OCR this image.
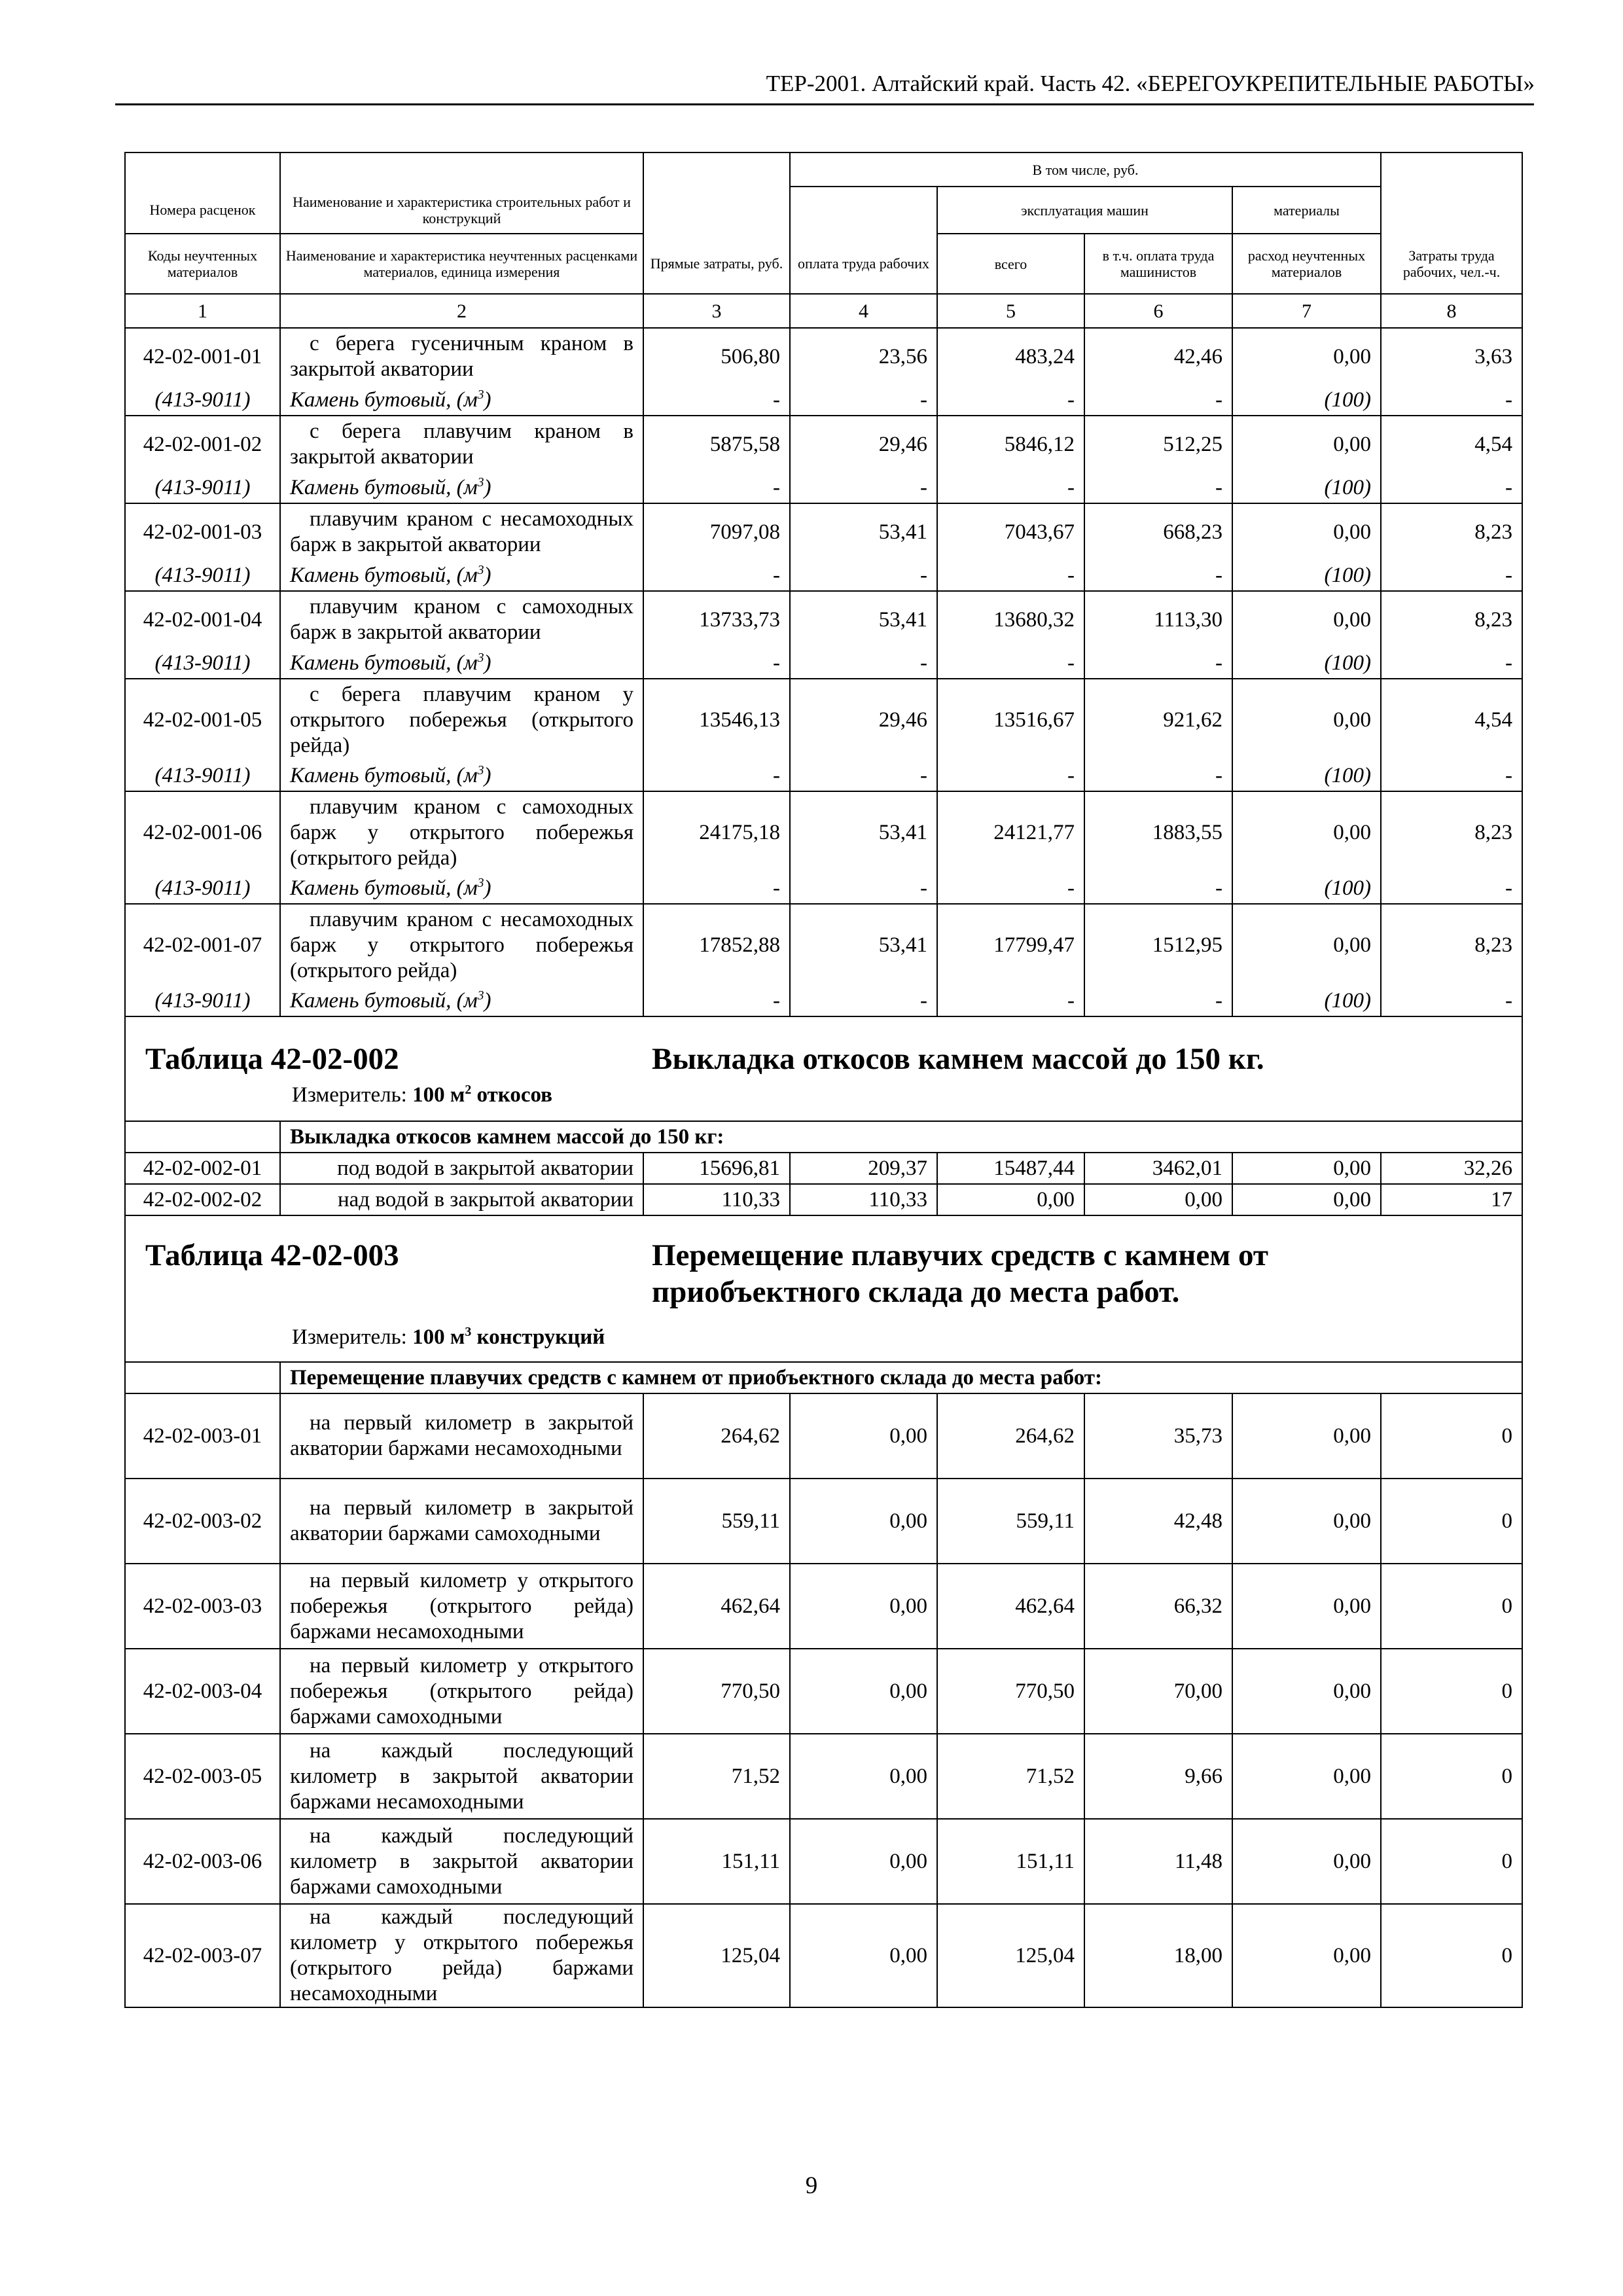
ТЕР-2001. Алтайский край. Часть 42. «БЕРЕГОУКРЕПИТЕЛЬНЫЕ РАБОТЫ»
			В том числе, руб.				
Номера расценок	Наименование и характеристика строительных работ и конструкций			эксплуатация машин		материалы	
Коды неучтенных материалов	Наименование и характеристика неучтенных расценками материалов, единица измерения	Прямые затраты, руб.	оплата труда рабочих	всего	в т.ч. оплата труда машинистов	расход неучтенных материалов	Затраты труда рабочих, чел.-ч.
1	2	3	4	5	6	7	8
42-02-001-01	с берега гусеничным краном в закрытой акватории	506,80	23,56	483,24	42,46	0,00	3,63
(413-9011)	Камень бутовый, $(м^3)$	-	-	-	-	(100)	-
42-02-001-02	с берега плавучим краном в закрытой акватории	5875,58	29,46	5846,12	512,25	0,00	4,54
(413-9011)	Камень бутовый, $(м^3)$	-	-	-	-	(100)	-
42-02-001-03	плавучим краном с несамоходных барж в закрытой акватории	7097,08	53,41	7043,67	668,23	0,00	8,23
(413-9011)	Камень бутовый, $(м^3)$	-	-	-	-	(100)	-
42-02-001-04	плавучим краном с самоходных барж в закрытой акватории	13733,73	53,41	13680,32	1113,30	0,00	8,23
(413-9011)	Камень бутовый, $(м^3)$	-	-	-	-	(100)	-
42-02-001-05	с берега плавучим краном у открытого побережья (открытого рейда)	13546,13	29,46	13516,67	921,62	0,00	4,54
(413-9011)	Камень бутовый, $(м^3)$	-	-	-	-	(100)	-
42-02-001-06	плавучим краном с самоходных барж у открытого побережья (открытого рейда)	24175,18	53,41	24121,77	1883,55	0,00	8,23
(413-9011)	Камень бутовый, $(м^3)$	-	-	-	-	(100)	-
42-02-001-07	плавучим краном с несамоходных барж у открытого побережья (открытого рейда)	17852,88	53,41	17799,47	1512,95	0,00	8,23
(413-9011)	Камень бутовый, $(м^3)$	-	-	-	-	(100)	-

Таблица 42-02-002 Выкладка откосов камнем массой до 150 кг.
Измеритель: 100 $м^2$ откосов							

	Выкладка откосов камнем массой до 150 кг:						
42-02-002-01	под водой в закрытой акватории	15696,81	209,37	15487,44	3462,01	0,00	32,26
42-02-002-02	над водой в закрытой акватории	110,33	110,33	0,00	0,00	0,00	17

Таблица 42-02-003 Перемещение плавучих средств с камнем от приобъектного склада до места работ.
Измеритель: 100 $м^3$ конструкций							

	Перемещение плавучих средств с камнем от приобъектного склада до места работ:						
42-02-003-01	на первый километр в закрытой акватории баржами несамоходными	264,62	0,00	264,62	35,73	0,00	0
42-02-003-02	на первый километр в закрытой акватории баржами самоходными	559,11	0,00	559,11	42,48	0,00	0
42-02-003-03	на первый километр у открытого побережья (открытого рейда) баржами несамоходными	462,64	0,00	462,64	66,32	0,00	0
42-02-003-04	на первый километр у открытого побережья (открытого рейда) баржами самоходными	770,50	0,00	770,50	70,00	0,00	0
42-02-003-05	на каждый последующий километр в закрытой акватории баржами несамоходными	71,52	0,00	71,52	9,66	0,00	0
42-02-003-06	на каждый последующий километр в закрытой акватории баржами самоходными	151,11	0,00	151,11	11,48	0,00	0
42-02-003-07	на каждый последующий километр у открытого побережья (открытого рейда) баржами несамоходными	125,04	0,00	125,04	18,00	0,00	0
9
